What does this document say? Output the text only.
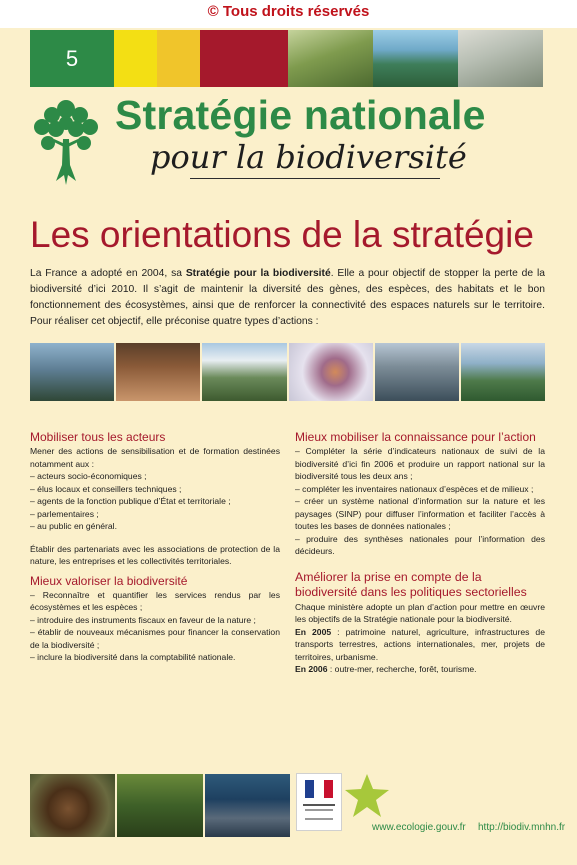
© Tous droits réservés
5
Stratégie nationale
pour la biodiversité
Les orientations de la stratégie

La France a adopté en 2004, sa Stratégie pour la biodiversité. Elle a pour objectif de stopper la perte de la biodiversité d’ici 2010. Il s’agit de maintenir la diversité des gènes, des espèces, des habitats et le bon fonctionnement des écosystèmes, ainsi que de renforcer la connectivité des espaces naturels sur le territoire. Pour réaliser cet objectif, elle préconise quatre types d’actions :

Mobiliser tous les acteurs

Mener des actions de sensibilisation et de formation destinées notamment aux :

– acteurs socio-économiques ;

– élus locaux et conseillers techniques ;

– agents de la fonction publique d’État et territoriale ;

– parlementaires ;

– au public en général.

Établir des partenariats avec les associations de protection de la nature, les entreprises et les collectivités territoriales.

Mieux valoriser la biodiversité

– Reconnaître et quantifier les services rendus par les écosystèmes et les espèces ;

– introduire des instruments fiscaux en faveur de la nature ;

– établir de nouveaux mécanismes pour financer la conservation de la biodiversité ;

– inclure la biodiversité dans la comptabilité nationale.

Mieux mobiliser la connaissance pour l’action

– Compléter la série d’indicateurs nationaux de suivi de la biodiversité d’ici fin 2006 et produire un rapport national sur la biodiversité tous les deux ans ;

– compléter les inventaires nationaux d’espèces et de milieux ;

– créer un système national d’information sur la nature et les paysages (SINP) pour diffuser l’information et faciliter l’accès à toutes les bases de données nationales ;

– produire des synthèses nationales pour l’information des décideurs.

Améliorer la prise en compte de la biodiversité dans les politiques sectorielles

Chaque ministère adopte un plan d’action pour mettre en œuvre les objectifs de la Stratégie nationale pour la biodiversité.

En 2005 : patrimoine naturel, agriculture, infrastructures de transports terrestres, actions internationales, mer, projets de territoires, urbanisme.

En 2006 : outre-mer, recherche, forêt, tourisme.

www.ecologie.gouv.fr http://biodiv.mnhn.fr
